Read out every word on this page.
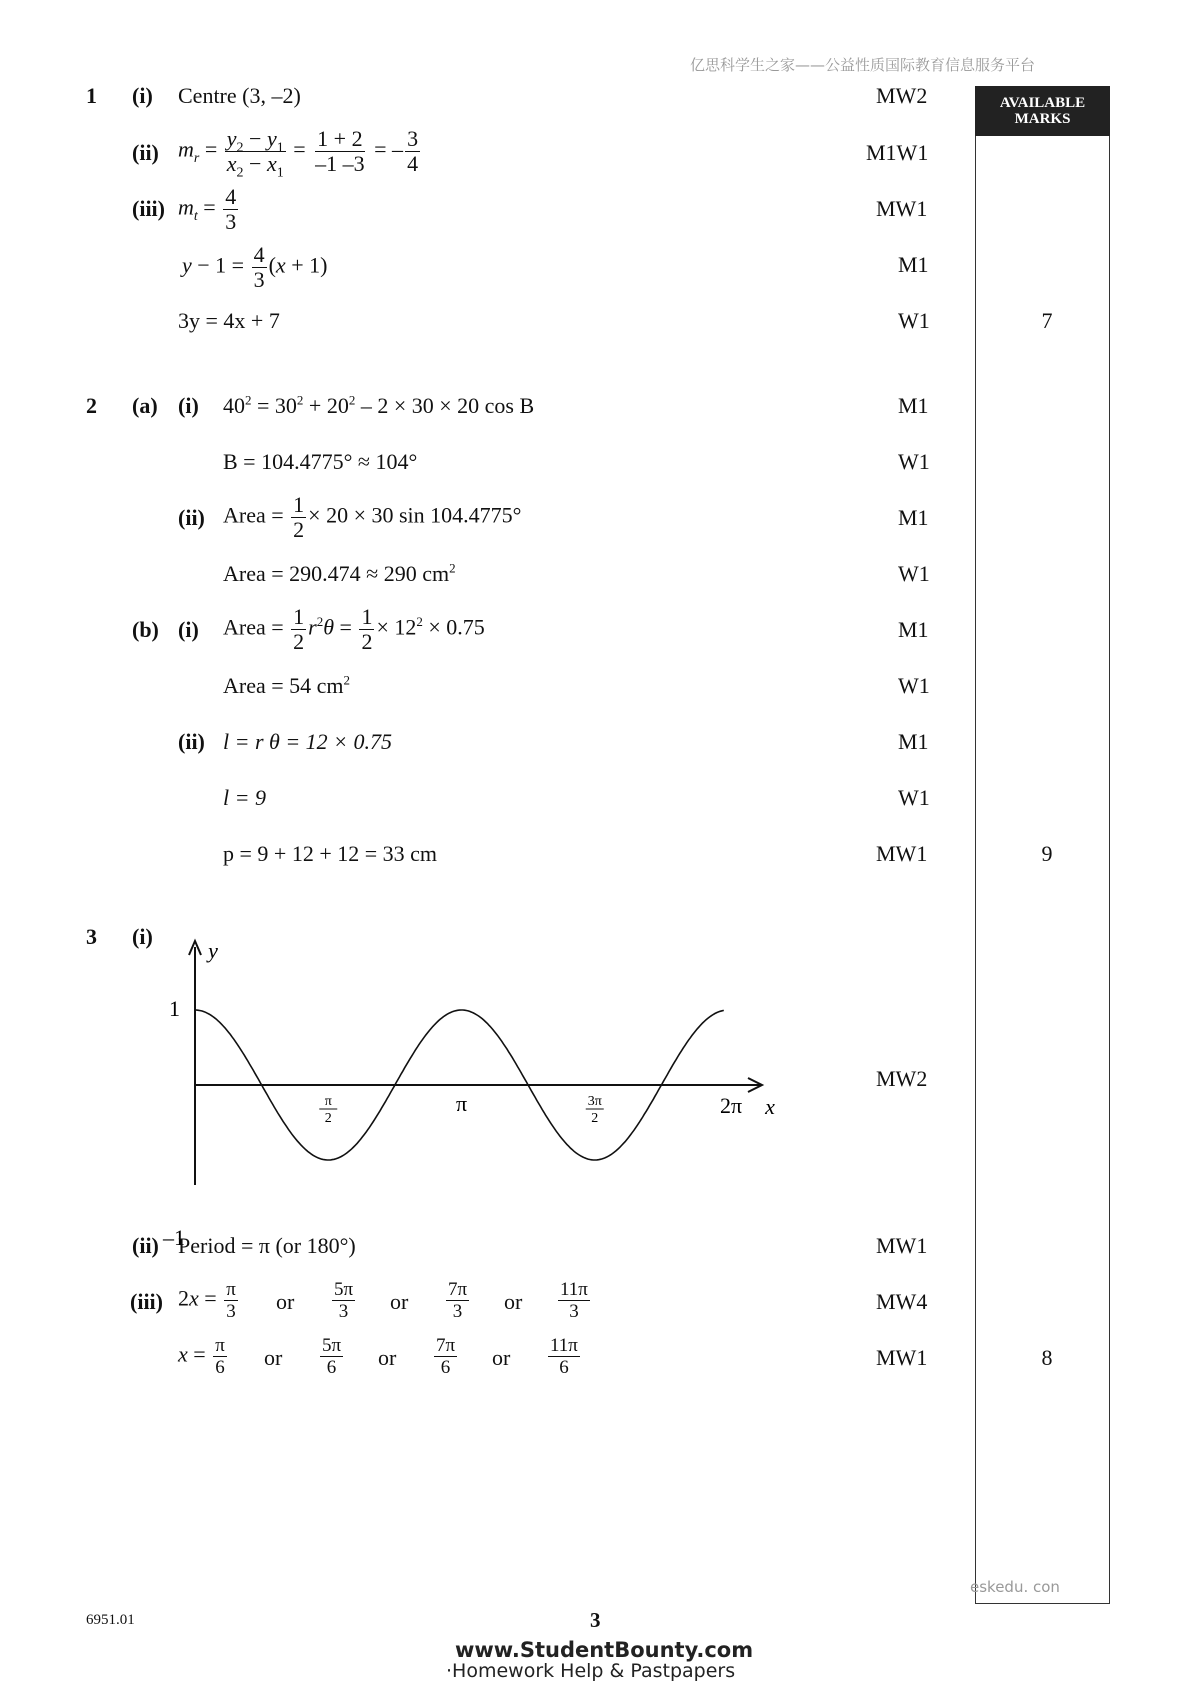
亿思科学生之家——公益性质国际教育信息服务平台
AVAILABLE
MARKS
1 (i) Centre (3, –2)	MW2
(ii) $m_r = \frac{y_2 - y_1}{x_2 - x_1} = \frac{1 + 2}{-1 -3}$ = – $\frac{3}{4}$	M1W1
(iii) $m_t = \frac{4}{3}$	MW1
$y - 1 = \frac{4}{3} (x + 1)$	M1
3y = 4x + 7	W1	7
2 (a) (i) $40^2 = 30^2 + 20^2 - 2 \times 30 \times 20$ cos B	M1
B = 104.4775° ≈ 104°	W1
(ii) Area = $\frac{1}{2} \times 20 \times 30$ sin 104.4775°	M1
Area = 290.474 ≈ 290 $cm^2$	W1
(b) (i) Area = $\frac{1}{2} r^2\theta = \frac{1}{2} \times 12^2 \times 0.75$	M1
Area = 54 $cm^2$	W1
(ii) l = r θ = 12 × 0.75	M1
l = 9	W1
p = 9 + 12 + 12 = 33 cm	MW1	9
3 (i)
MW2
π
2
π	3π
2
2π
1
–1
y
x
(ii) Period = π (or 180°)	MW1
(iii) $2x = \frac{\pi}{3}$ or $\frac{5\pi}{3}$ or $\frac{7\pi}{3}$ or $\frac{11\pi}{3}$	MW4
$x = \frac{\pi}{6}$ or $\frac{5\pi}{6}$ or $\frac{7\pi}{6}$ or $\frac{11\pi}{6}$	MW1	8
eskedu. con
6951.01	3
www.StudentBounty.com
·Homework Help & Pastpapers
